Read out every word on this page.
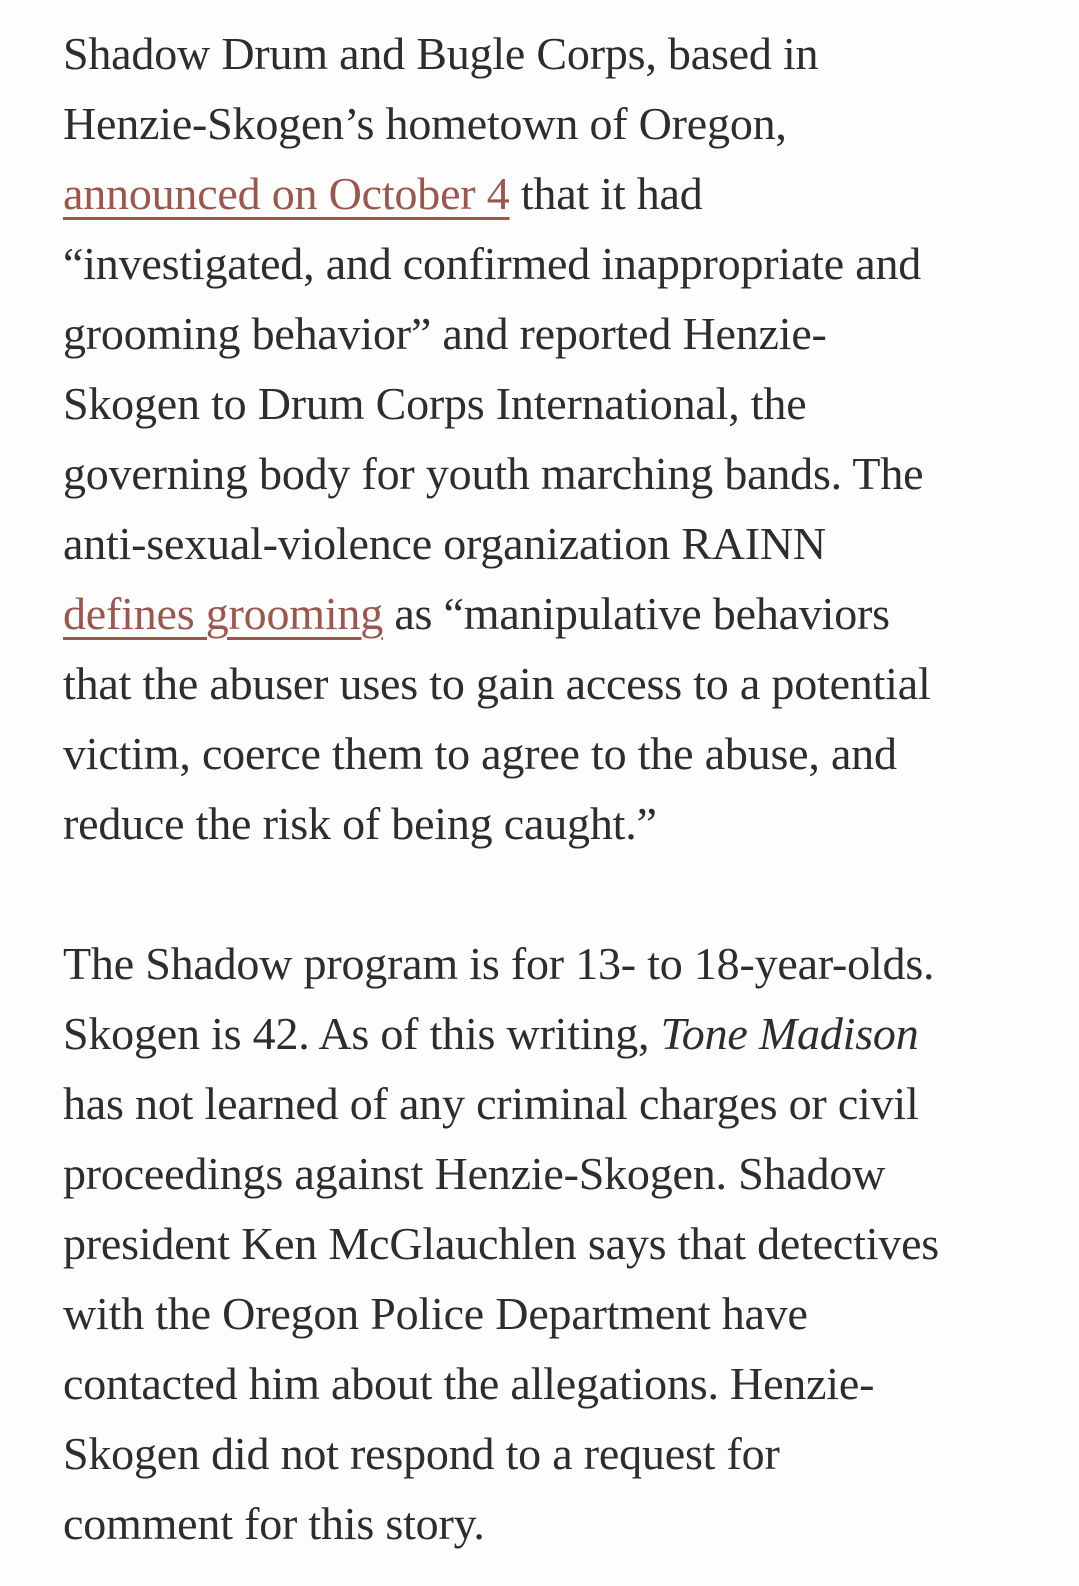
Shadow Drum and Bugle Corps, based in
Henzie-Skogen’s hometown of Oregon,
announced on October 4 that it had
“investigated, and confirmed inappropriate and
grooming behavior” and reported Henzie-
Skogen to Drum Corps International, the
governing body for youth marching bands. The
anti-sexual-violence organization RAINN
defines grooming as “manipulative behaviors
that the abuser uses to gain access to a potential
victim, coerce them to agree to the abuse, and
reduce the risk of being caught.”

The Shadow program is for 13- to 18-year-olds.
Skogen is 42. As of this writing, Tone Madison
has not learned of any criminal charges or civil
proceedings against Henzie-Skogen. Shadow
president Ken McGlauchlen says that detectives
with the Oregon Police Department have
contacted him about the allegations. Henzie-
Skogen did not respond to a request for
comment for this story.
